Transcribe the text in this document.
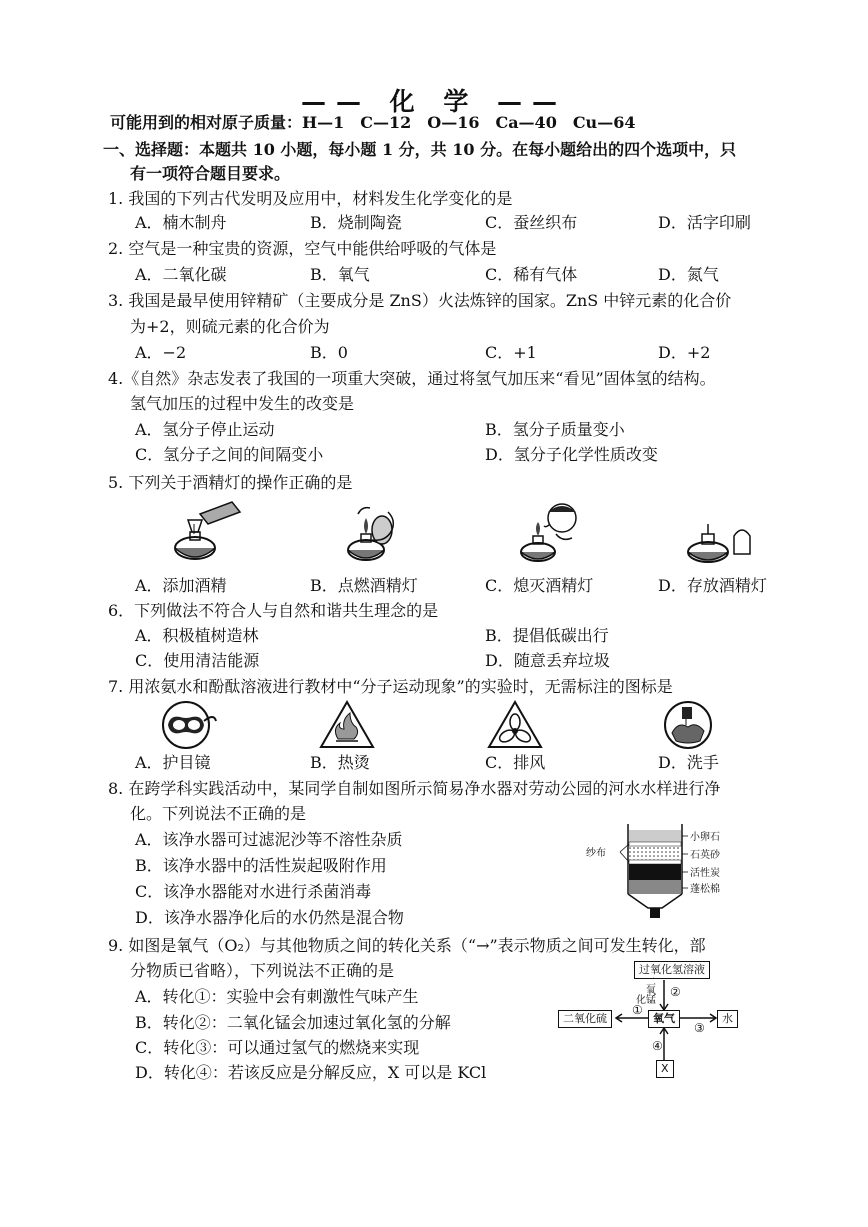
—— 化 学 ——
可能用到的相对原子质量：H—1　C—12　O—16　Ca—40　Cu—64
一、选择题：本题共 10 小题，每小题 1 分，共 10 分。在每小题给出的四个选项中，只
有一项符合题目要求。
1. 我国的下列古代发明及应用中，材料发生化学变化的是
A．楠木制舟	B．烧制陶瓷	C．蚕丝织布	D．活字印刷
2. 空气是一种宝贵的资源，空气中能供给呼吸的气体是
A．二氧化碳	B．氧气	C．稀有气体	D．氮气
3. 我国是最早使用锌精矿（主要成分是 ZnS）火法炼锌的国家。ZnS 中锌元素的化合价
为+2，则硫元素的化合价为
A．−2	B．0	C．+1	D．+2
4.《自然》杂志发表了我国的一项重大突破，通过将氢气加压来“看见”固体氢的结构。
氢气加压的过程中发生的改变是
A．氢分子停止运动	B．氢分子质量变小
C．氢分子之间的间隔变小	D．氢分子化学性质改变
5. 下列关于酒精灯的操作正确的是
A．添加酒精	B．点燃酒精灯	C．熄灭酒精灯	D．存放酒精灯
6．下列做法不符合人与自然和谐共生理念的是
A．积极植树造林	B．提倡低碳出行
C．使用清洁能源	D．随意丢弃垃圾
7. 用浓氨水和酚酞溶液进行教材中“分子运动现象”的实验时，无需标注的图标是
A．护目镜	B．热烫	C．排风	D．洗手
8. 在跨学科实践活动中，某同学自制如图所示简易净水器对劳动公园的河水水样进行净
化。下列说法不正确的是
A．该净水器可过滤泥沙等不溶性杂质
B．该净水器中的活性炭起吸附作用
C．该净水器能对水进行杀菌消毒
D．该净水器净化后的水仍然是混合物
纱布
小卵石
石英砂
活性炭
蓬松棉
9. 如图是氧气（O₂）与其他物质之间的转化关系（“→”表示物质之间可发生转化，部
分物质已省略），下列说法不正确的是
A．转化①：实验中会有刺激性气味产生
B．转化②：二氧化锰会加速过氧化氢的分解
C．转化③：可以通过氢气的燃烧来实现
D．转化④：若该反应是分解反应，X 可以是 KCl
过氧化氢溶液
氧气
二氧化硫	水
X
二
氧
化 锰
①
②
③
④
